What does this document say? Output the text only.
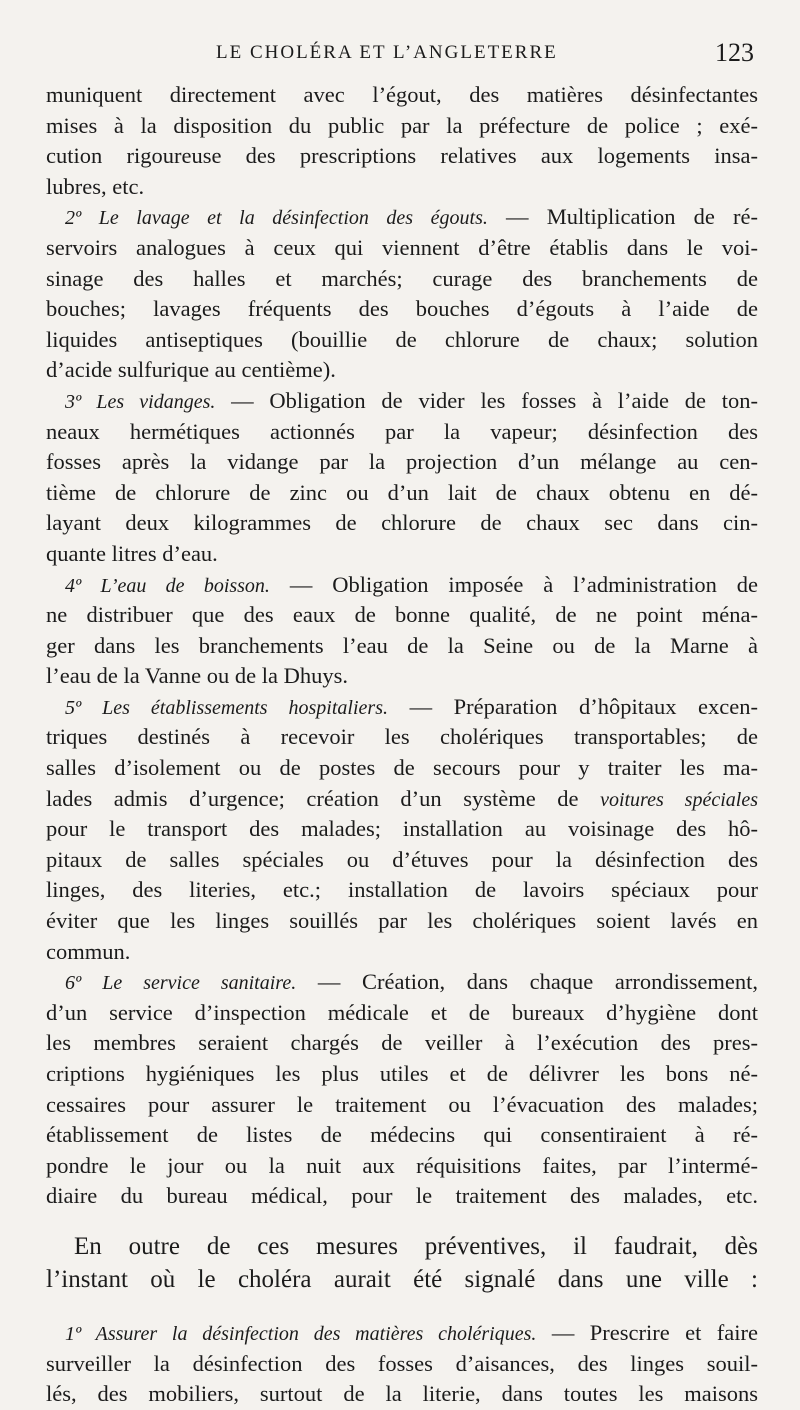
LE CHOLÉRA ET L’ANGLETERRE	123
muniquent directement avec l’égout, des matières désinfectantes
mises à la disposition du public par la préfecture de police ; exé-
cution rigoureuse des prescriptions relatives aux logements insa-
lubres, etc.
2º Le lavage et la désinfection des égouts. — Multiplication de ré-
servoirs analogues à ceux qui viennent d’être établis dans le voi-
sinage des halles et marchés; curage des branchements de
bouches; lavages fréquents des bouches d’égouts à l’aide de
liquides antiseptiques (bouillie de chlorure de chaux; solution
d’acide sulfurique au centième).
3º Les vidanges. — Obligation de vider les fosses à l’aide de ton-
neaux hermétiques actionnés par la vapeur; désinfection des
fosses après la vidange par la projection d’un mélange au cen-
tième de chlorure de zinc ou d’un lait de chaux obtenu en dé-
layant deux kilogrammes de chlorure de chaux sec dans cin-
quante litres d’eau.
4º L’eau de boisson. — Obligation imposée à l’administration de
ne distribuer que des eaux de bonne qualité, de ne point ména-
ger dans les branchements l’eau de la Seine ou de la Marne à
l’eau de la Vanne ou de la Dhuys.
5º Les établissements hospitaliers. — Préparation d’hôpitaux excen-
triques destinés à recevoir les cholériques transportables; de
salles d’isolement ou de postes de secours pour y traiter les ma-
lades admis d’urgence; création d’un système de voitures spéciales
pour le transport des malades; installation au voisinage des hô-
pitaux de salles spéciales ou d’étuves pour la désinfection des
linges, des literies, etc.; installation de lavoirs spéciaux pour
éviter que les linges souillés par les cholériques soient lavés en
commun.
6º Le service sanitaire. — Création, dans chaque arrondissement,
d’un service d’inspection médicale et de bureaux d’hygiène dont
les membres seraient chargés de veiller à l’exécution des pres-
criptions hygiéniques les plus utiles et de délivrer les bons né-
cessaires pour assurer le traitement ou l’évacuation des malades;
établissement de listes de médecins qui consentiraient à ré-
pondre le jour ou la nuit aux réquisitions faites, par l’intermé-
diaire du bureau médical, pour le traitement des malades, etc.
En outre de ces mesures préventives, il faudrait, dès
l’instant où le choléra aurait été signalé dans une ville :
1º Assurer la désinfection des matières cholériques. — Prescrire et faire
surveiller la désinfection des fosses d’aisances, des linges souil-
lés, des mobiliers, surtout de la literie, dans toutes les maisons
